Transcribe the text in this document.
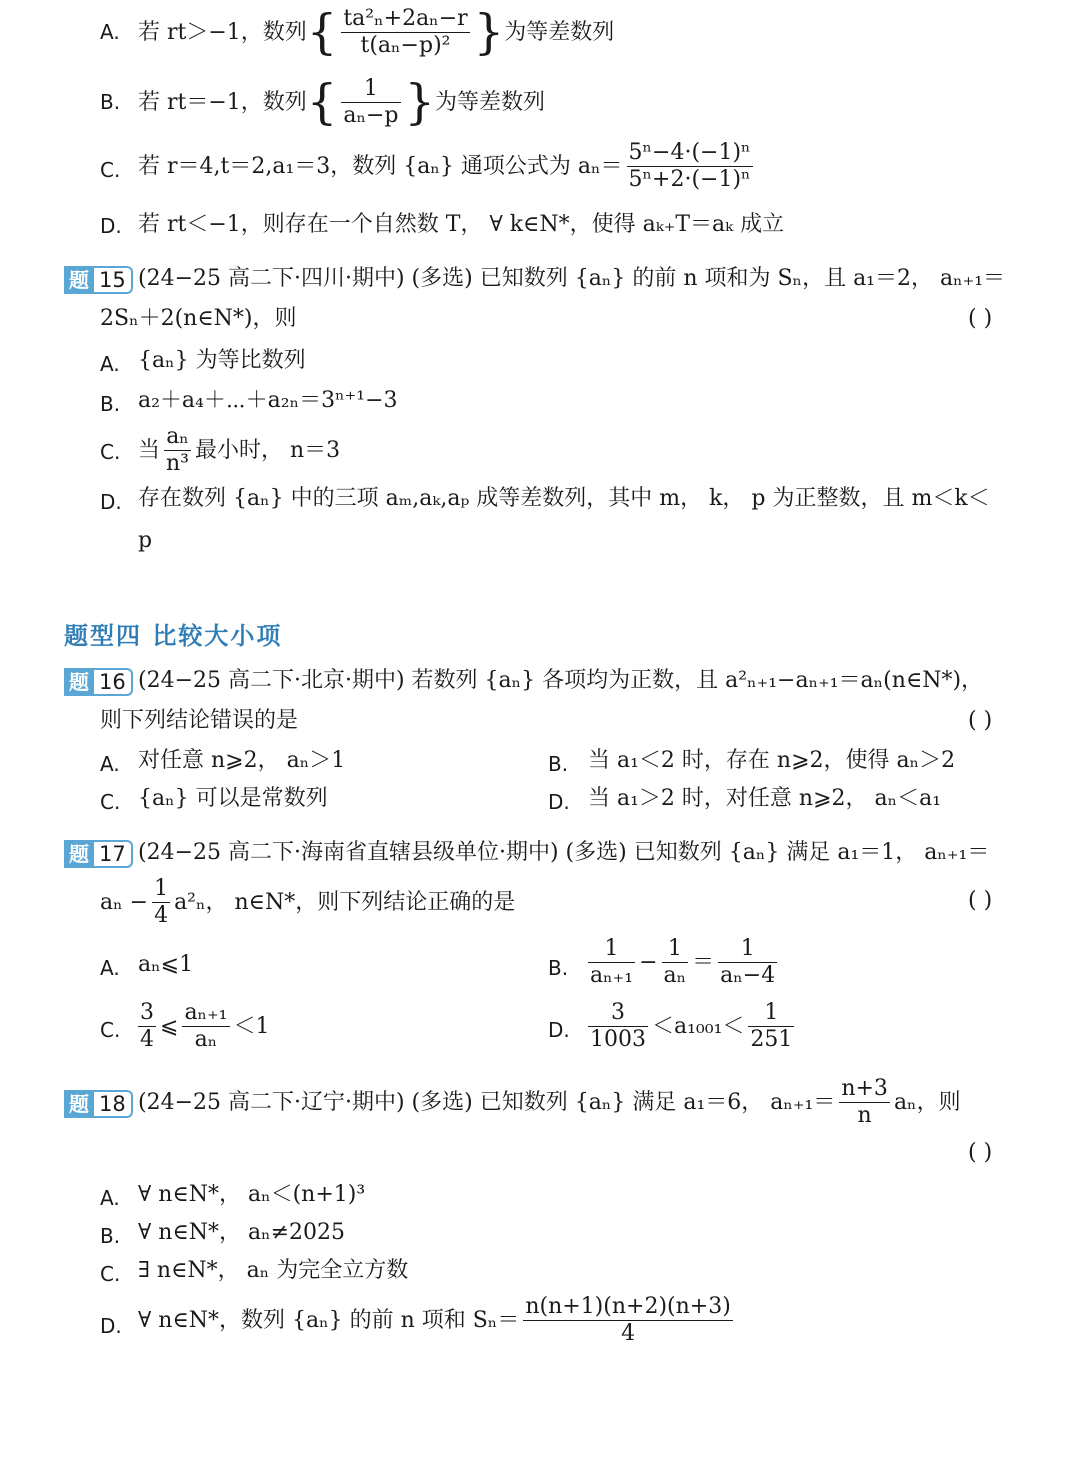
A. 若 rt＞−1，数列{ $\frac{\text{ta²ₙ+2aₙ−r}}{\text{t(aₙ−p)²}}$ }为等差数列
B. 若 rt＝−1，数列{ $\frac{1}{\text{aₙ−p}}$ }为等差数列
C. 若 r＝4,t＝2,a₁＝3，数列 {aₙ} 通项公式为 $a_n= \frac{\text{5ⁿ−4·(−1)ⁿ}}{\text{5ⁿ+2·(−1)ⁿ}}$
D. 若 rt＜−1，则存在一个自然数 T， ∀ k∈N*，使得 aₖ₊T＝aₖ 成立
题 15 (24−25 高二下·四川·期中) (多选) 已知数列 {aₙ} 的前 n 项和为 Sₙ，且 a₁＝2， aₙ₊₁＝
2Sₙ＋2(n∈N*)，则	( )
A. {aₙ} 为等比数列
B. a₂＋a₄＋⋯＋a₂ₙ＝3ⁿ⁺¹−3
C. 当 $\frac{\text{aₙ}}{\text{n³}}$ 最小时， n＝3
D. 存在数列 {aₙ} 中的三项 aₘ,aₖ,aₚ 成等差数列，其中 m， k， p 为正整数，且 m＜k＜
p
题型四 比较大小项
题 16 (24−25 高二下·北京·期中) 若数列 {aₙ} 各项均为正数，且 a²ₙ₊₁−aₙ₊₁＝aₙ(n∈N*)，
则下列结论错误的是	( )
A. 对任意 n⩾2， aₙ＞1	B. 当 a₁＜2 时，存在 n⩾2，使得 aₙ＞2
C. {aₙ} 可以是常数列	D. 当 a₁＞2 时，对任意 n⩾2， aₙ＜a₁
题 17 (24−25 高二下·海南省直辖县级单位·期中) (多选) 已知数列 {aₙ} 满足 a₁＝1， aₙ₊₁＝
$a_n - \frac{1}{4} a^2_n$， n∈N*，则下列结论正确的是	( )
A. aₙ⩽1	B. $\frac{1}{\text{aₙ₊₁}} - \frac{1}{\text{aₙ}} = \frac{1}{\text{aₙ−4}}$
C. $\frac{3}{4}$ ⩽ $\frac{\text{aₙ₊₁}}{\text{aₙ}} <1$	D. $\frac{3}{1003} <a_{1001}< \frac{1}{251}$
题 18 (24−25 高二下·辽宁·期中) (多选) 已知数列 {aₙ} 满足 a₁＝6， $a_{n+1}= \frac{n+3}{n}$ aₙ，则
( )
A. ∀ n∈N*， aₙ＜(n+1)³
B. ∀ n∈N*， aₙ≠2025
C. ∃ n∈N*， aₙ 为完全立方数
D. ∀ n∈N*，数列 {aₙ} 的前 n 项和 $S_n= \frac{n(n+1)(n+2)(n+3)}{4}$
